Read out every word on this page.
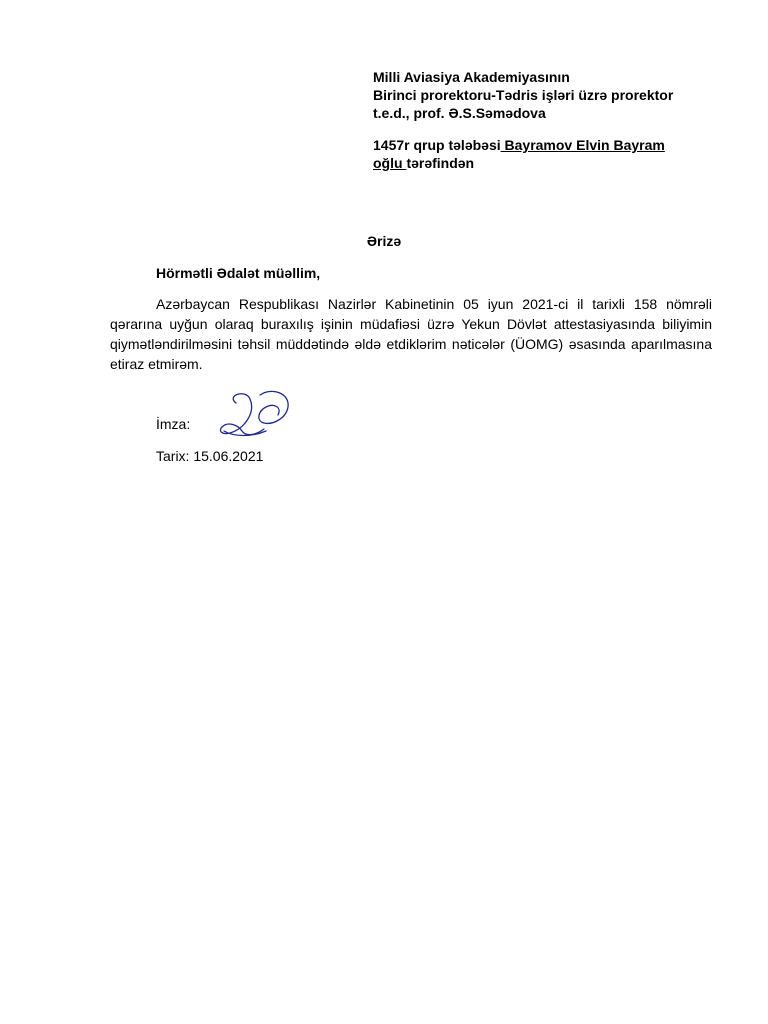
Milli Aviasiya Akademiyasının
Birinci prorektoru-Tədris işləri üzrə prorektor
t.e.d., prof. Ə.S.Səmədova
1457r qrup tələbəsi Bayramov Elvin Bayram
oğlu tərəfindən
Ərizə
Hörmətli Ədalət müəllim,
Azərbaycan Respublikası Nazirlər Kabinetinin 05 iyun 2021-ci il tarixli 158 nömrəli qərarına uyğun olaraq buraxılış işinin müdafiəsi üzrə Yekun Dövlət attestasiyasında biliyimin qiymətləndirilməsini təhsil müddətində əldə etdiklərim nəticələr (ÜOMG) əsasında aparılmasına etiraz etmirəm.
İmza:
Tarix: 15.06.2021
